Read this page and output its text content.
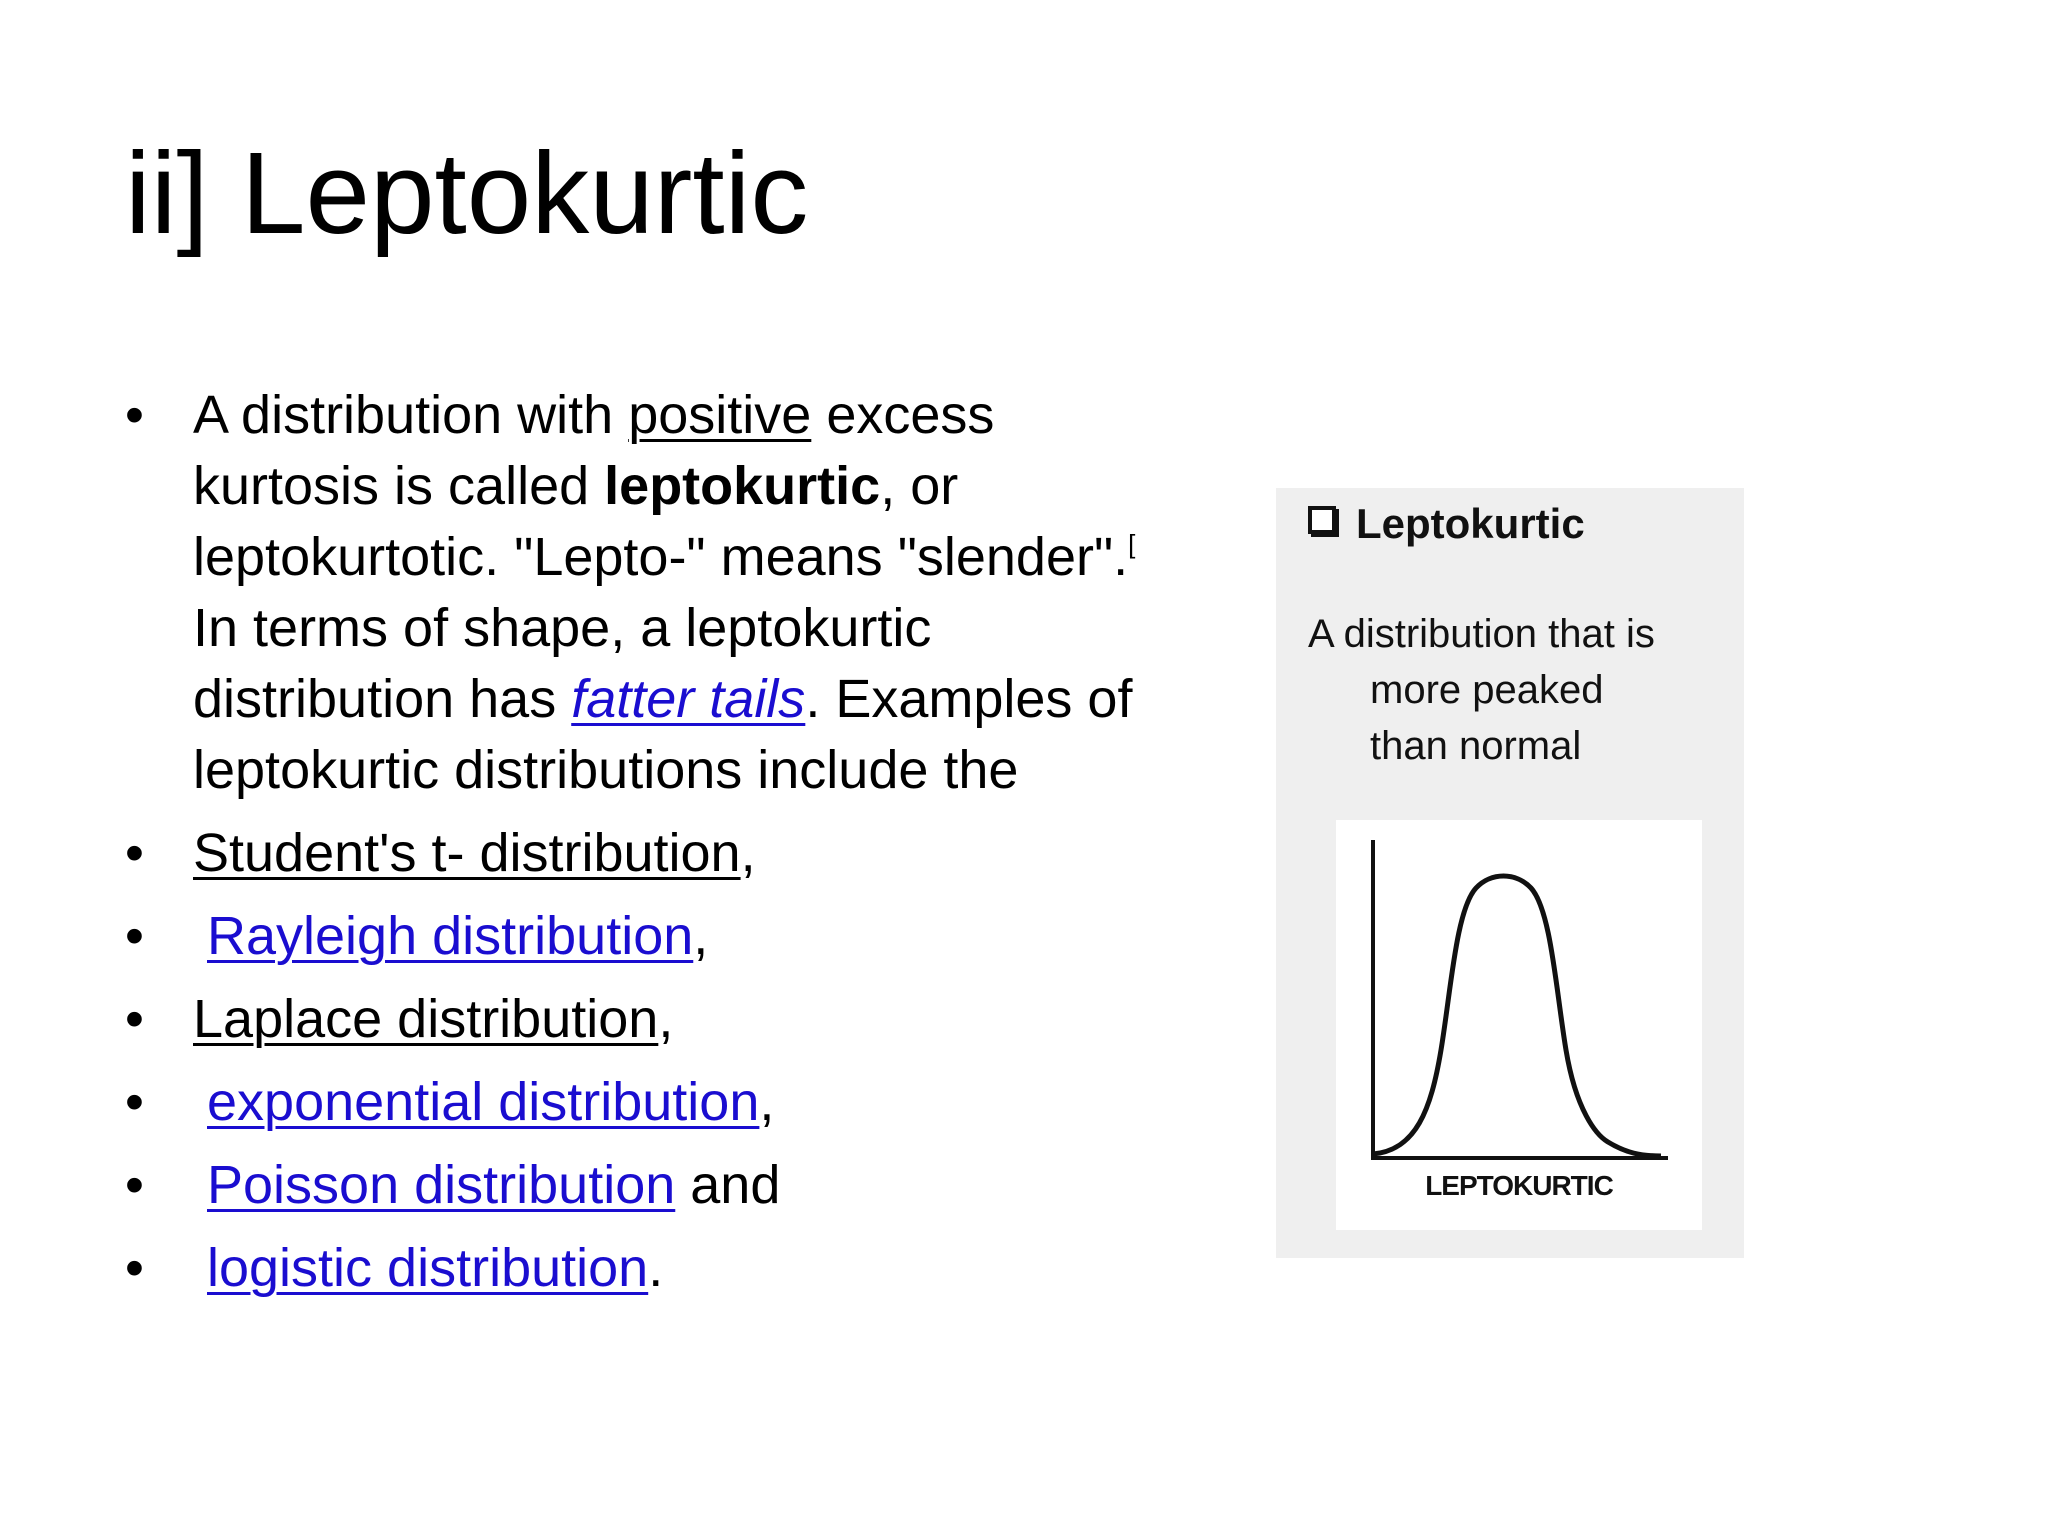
ii] Leptokurtic
• A distribution with positive excess kurtosis is called leptokurtic, or leptokurtotic. "Lepto-" means "slender".[ In terms of shape, a leptokurtic distribution has fatter tails. Examples of leptokurtic distributions include the
• Student's t- distribution,
• Rayleigh distribution,
• Laplace distribution,
• exponential distribution,
• Poisson distribution and
• logistic distribution.
Leptokurtic

A distribution that is
more peaked
than normal

LEPTOKURTIC
